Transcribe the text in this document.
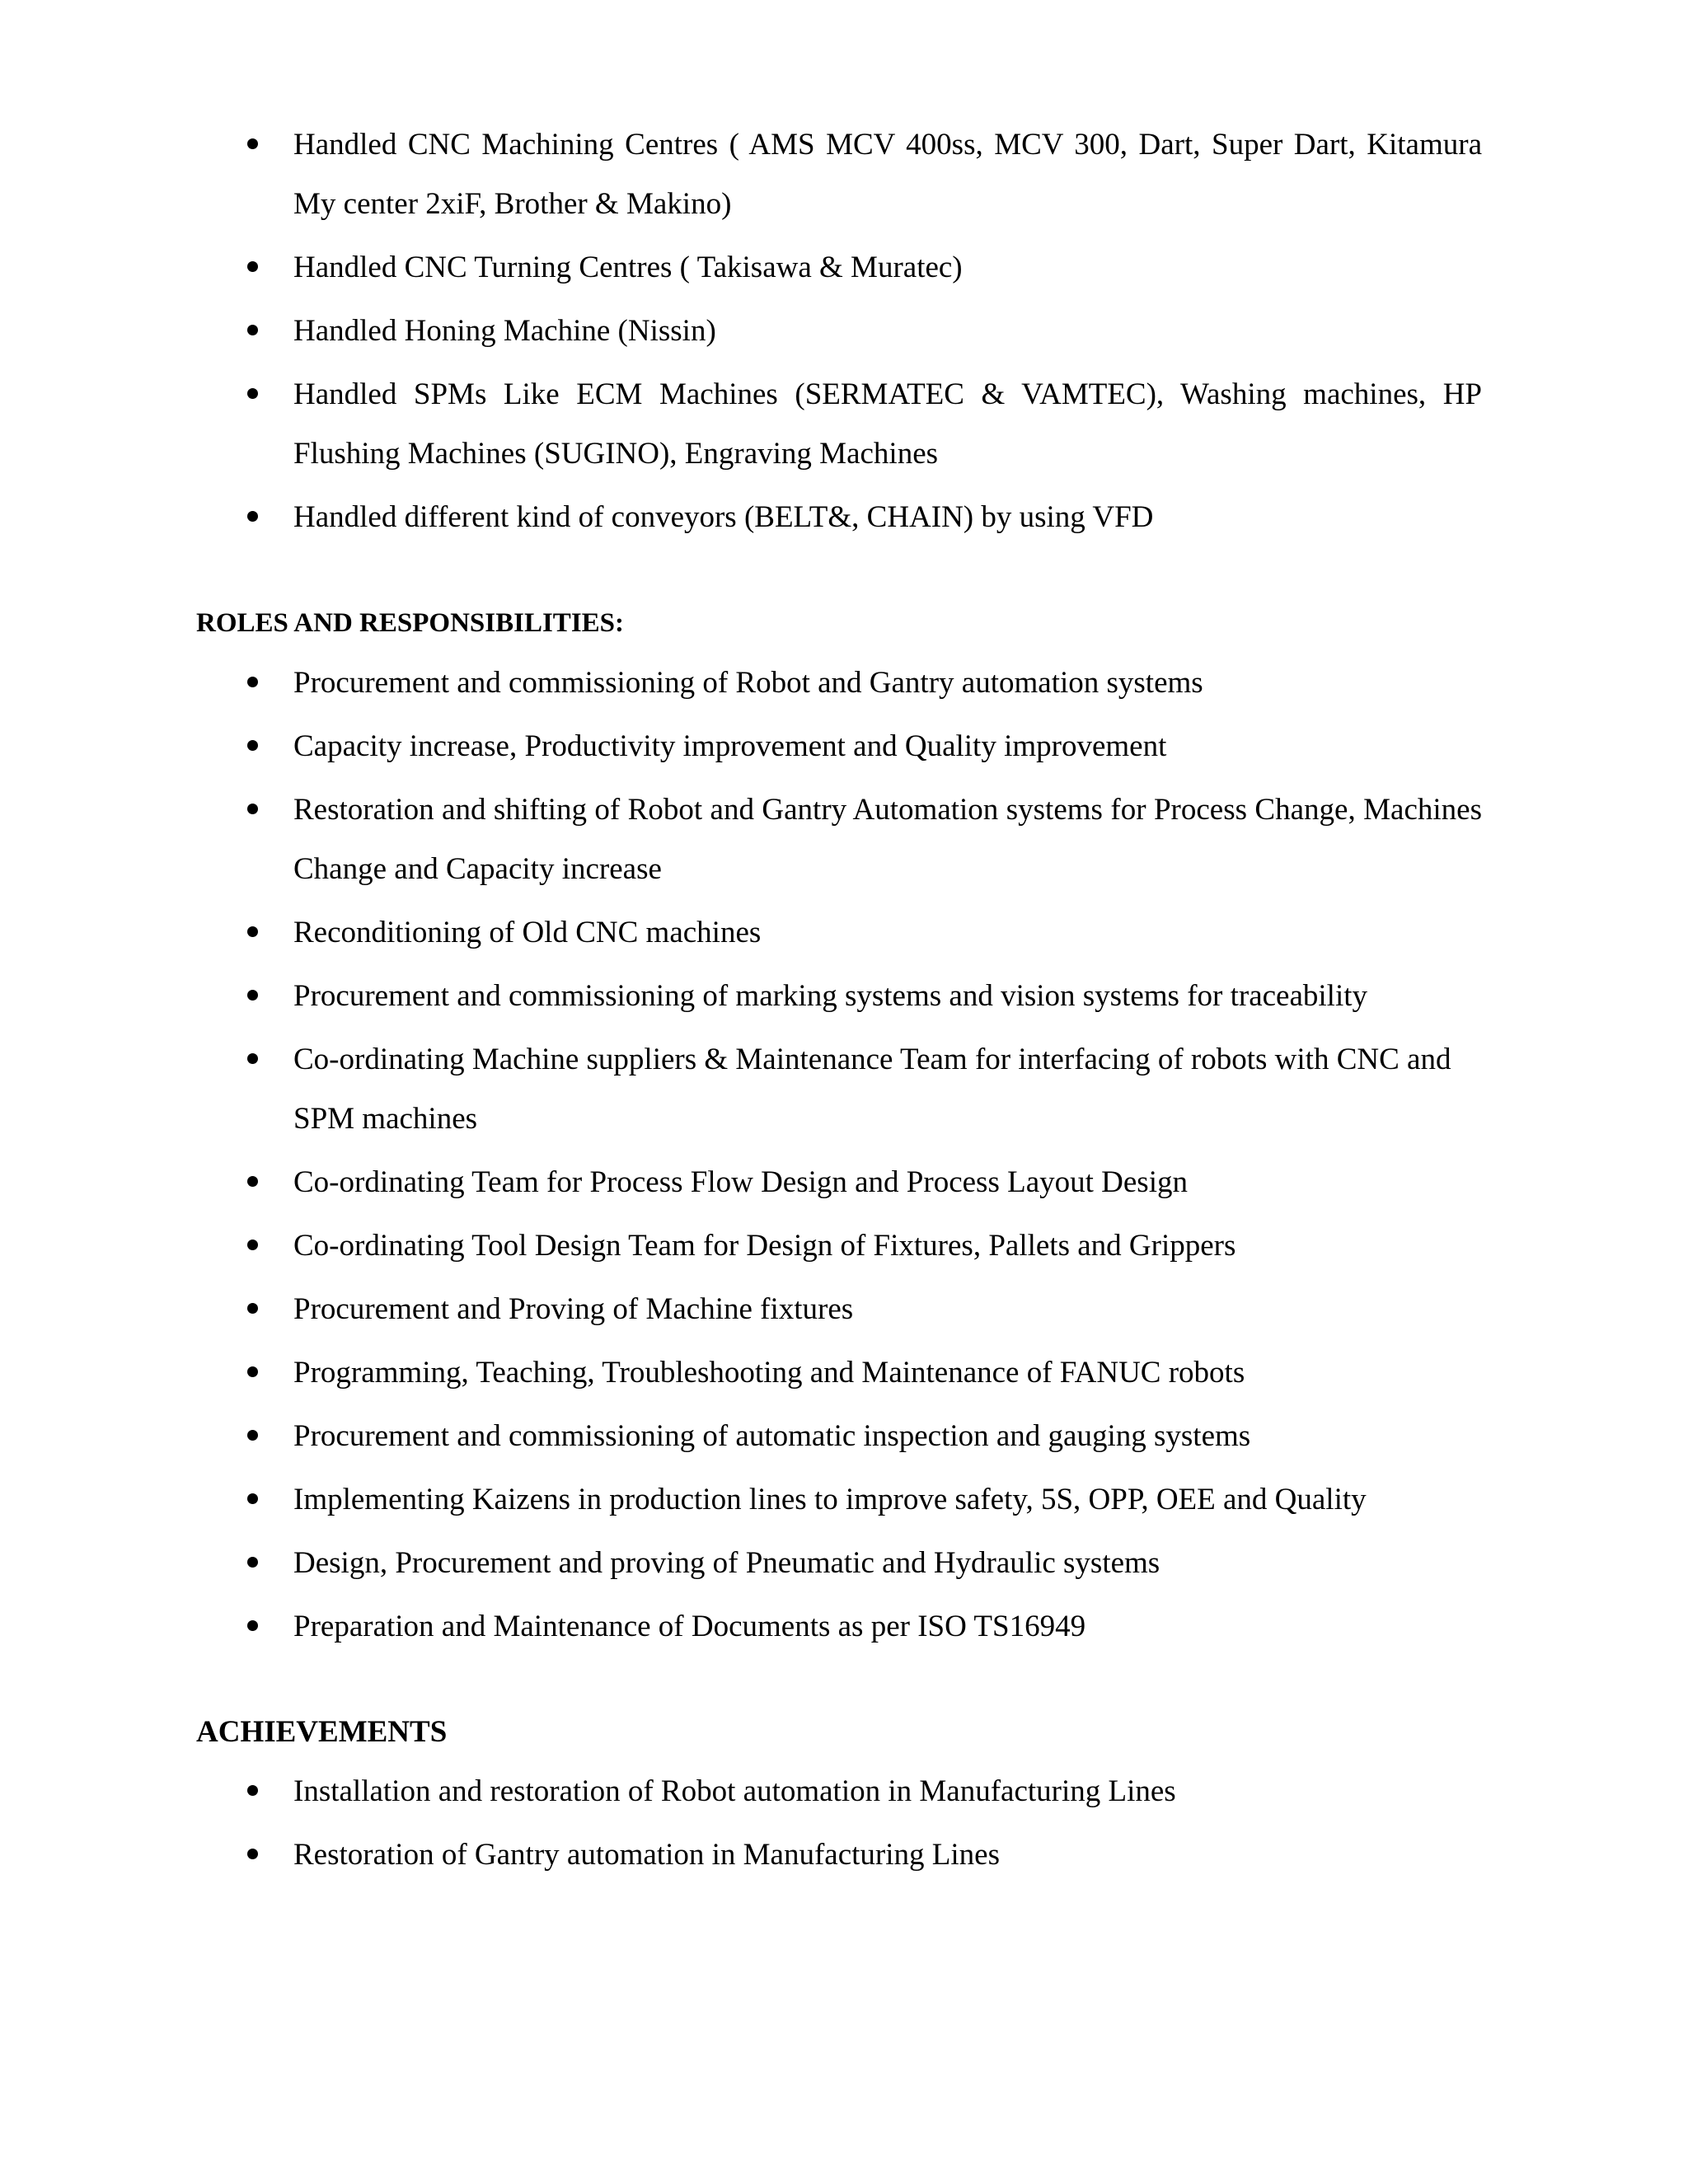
Handled CNC Machining Centres ( AMS MCV 400ss, MCV 300, Dart, Super Dart, Kitamura My center 2xiF, Brother & Makino)
Handled CNC Turning Centres ( Takisawa & Muratec)
Handled Honing Machine (Nissin)
Handled SPMs Like ECM Machines (SERMATEC & VAMTEC), Washing machines, HP Flushing Machines (SUGINO), Engraving Machines
Handled different kind of conveyors (BELT&, CHAIN) by using VFD
ROLES AND RESPONSIBILITIES:
Procurement and commissioning of Robot and Gantry automation systems
Capacity increase, Productivity improvement and Quality improvement
Restoration and shifting of Robot and Gantry Automation systems for Process Change, Machines Change and Capacity increase
Reconditioning of Old CNC machines
Procurement and commissioning of marking systems and vision systems for traceability
Co-ordinating Machine suppliers & Maintenance Team for interfacing of robots with CNC and SPM machines
Co-ordinating Team for Process Flow Design and Process Layout Design
Co-ordinating Tool Design Team for Design of Fixtures, Pallets and Grippers
Procurement and Proving of Machine fixtures
Programming, Teaching, Troubleshooting and Maintenance of FANUC robots
Procurement and commissioning of automatic inspection and gauging systems
Implementing Kaizens in production lines to improve safety, 5S, OPP, OEE and Quality
Design, Procurement and proving of Pneumatic and Hydraulic systems
Preparation and Maintenance of Documents as per ISO TS16949
ACHIEVEMENTS
Installation and restoration of Robot automation in Manufacturing Lines
Restoration of Gantry automation in Manufacturing Lines
